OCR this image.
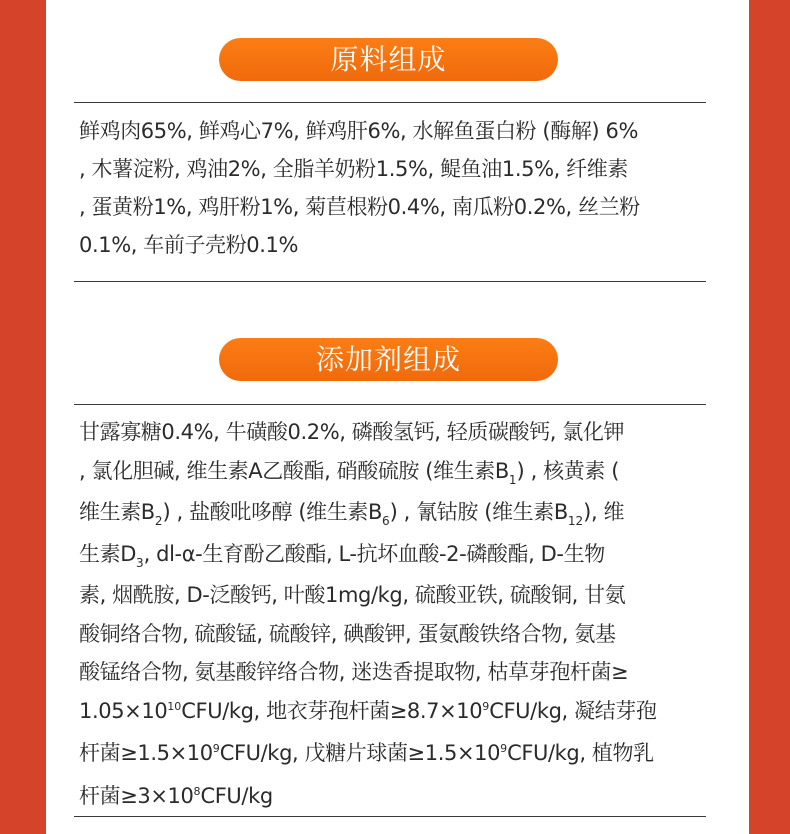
原料组成
鲜鸡肉65%, 鲜鸡心7%, 鲜鸡肝6%, 水解鱼蛋白粉 (酶解) 6%
, 木薯淀粉, 鸡油2%, 全脂羊奶粉1.5%, 鳀鱼油1.5%, 纤维素
, 蛋黄粉1%, 鸡肝粉1%, 菊苣根粉0.4%, 南瓜粉0.2%, 丝兰粉
0.1%, 车前子壳粉0.1%
添加剂组成
甘露寡糖0.4%, 牛磺酸0.2%, 磷酸氢钙, 轻质碳酸钙, 氯化钾
, 氯化胆碱, 维生素A乙酸酯, 硝酸硫胺 (维生素$B_1$) , 核黄素 (
维生素$B_2$) , 盐酸吡哆醇 (维生素$B_6$) , 氰钴胺 (维生素$B_{12}$), 维
生素$D_3$, dl-α-生育酚乙酸酯, L-抗坏血酸-2-磷酸酯, D-生物
素, 烟酰胺, D-泛酸钙, 叶酸1mg/kg, 硫酸亚铁, 硫酸铜, 甘氨
酸铜络合物, 硫酸锰, 硫酸锌, 碘酸钾, 蛋氨酸铁络合物, 氨基
酸锰络合物, 氨基酸锌络合物, 迷迭香提取物, 枯草芽孢杆菌≥
$1.05\times 10^{10}CFU/kg$, 地衣芽孢杆菌$\ge 8.7\times 10^9CFU/kg$, 凝结芽孢
杆菌$\ge 1.5\times 10^9CFU/kg$, 戊糖片球菌$\ge 1.5\times 10^9CFU/kg$, 植物乳
杆菌$\ge 3\times 10^8CFU/kg$
